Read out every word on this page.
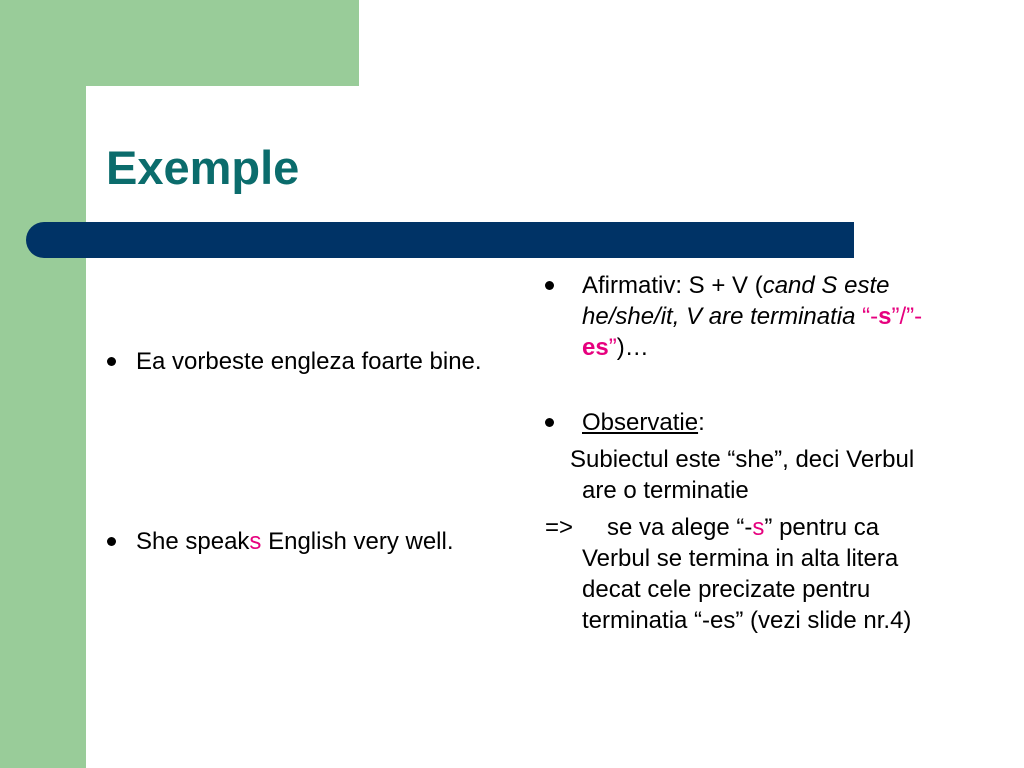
Exemple
Ea vorbeste engleza foarte bine.
She speaks English very well.
Afirmativ: S + V (cand S este he/she/it, V are terminatia “-s”/”-es”)…
Observatie:
Subiectul este “she”, deci Verbul are o terminatie
=>	se va alege “-s” pentru ca Verbul se termina in alta litera decat cele precizate pentru terminatia “-es” (vezi slide nr.4)
